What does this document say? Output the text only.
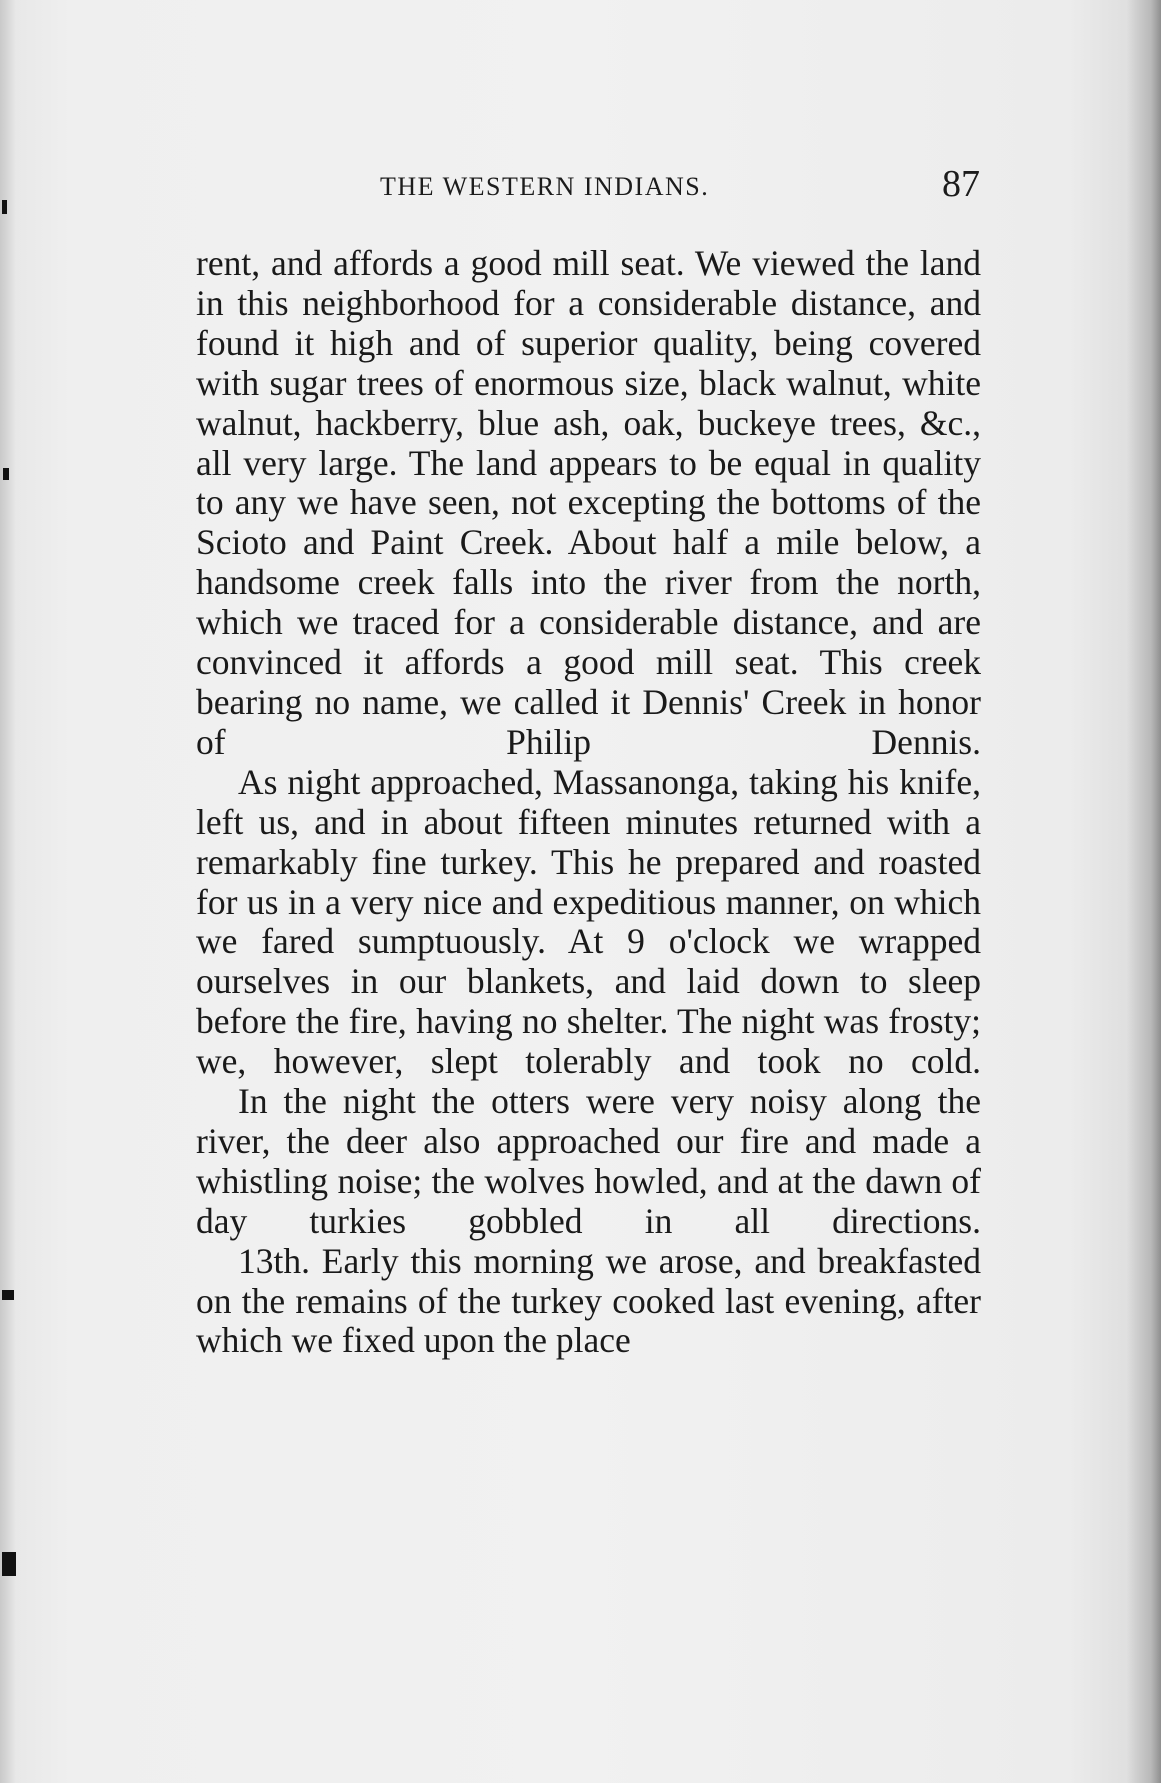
THE WESTERN INDIANS.	87

rent, and affords a good mill seat. We viewed the land in this neighborhood for a considerable distance, and found it high and of superior quality, being covered with sugar trees of enormous size, black walnut, white walnut, hackberry, blue ash, oak, buckeye trees, &c., all very large. The land appears to be equal in quality to any we have seen, not excepting the bottoms of the Scioto and Paint Creek. About half a mile below, a handsome creek falls into the river from the north, which we traced for a considerable distance, and are convinced it affords a good mill seat. This creek bearing no name, we called it Dennis' Creek in honor of Philip Dennis.

As night approached, Massanonga, taking his knife, left us, and in about fifteen minutes returned with a remarkably fine turkey. This he prepared and roasted for us in a very nice and expeditious manner, on which we fared sumptuously. At 9 o'clock we wrapped ourselves in our blankets, and laid down to sleep before the fire, having no shelter. The night was frosty; we, however, slept tolerably and took no cold.

In the night the otters were very noisy along the river, the deer also approached our fire and made a whistling noise; the wolves howled, and at the dawn of day turkies gobbled in all directions.

13th. Early this morning we arose, and breakfasted on the remains of the turkey cooked last evening, after which we fixed upon the place
